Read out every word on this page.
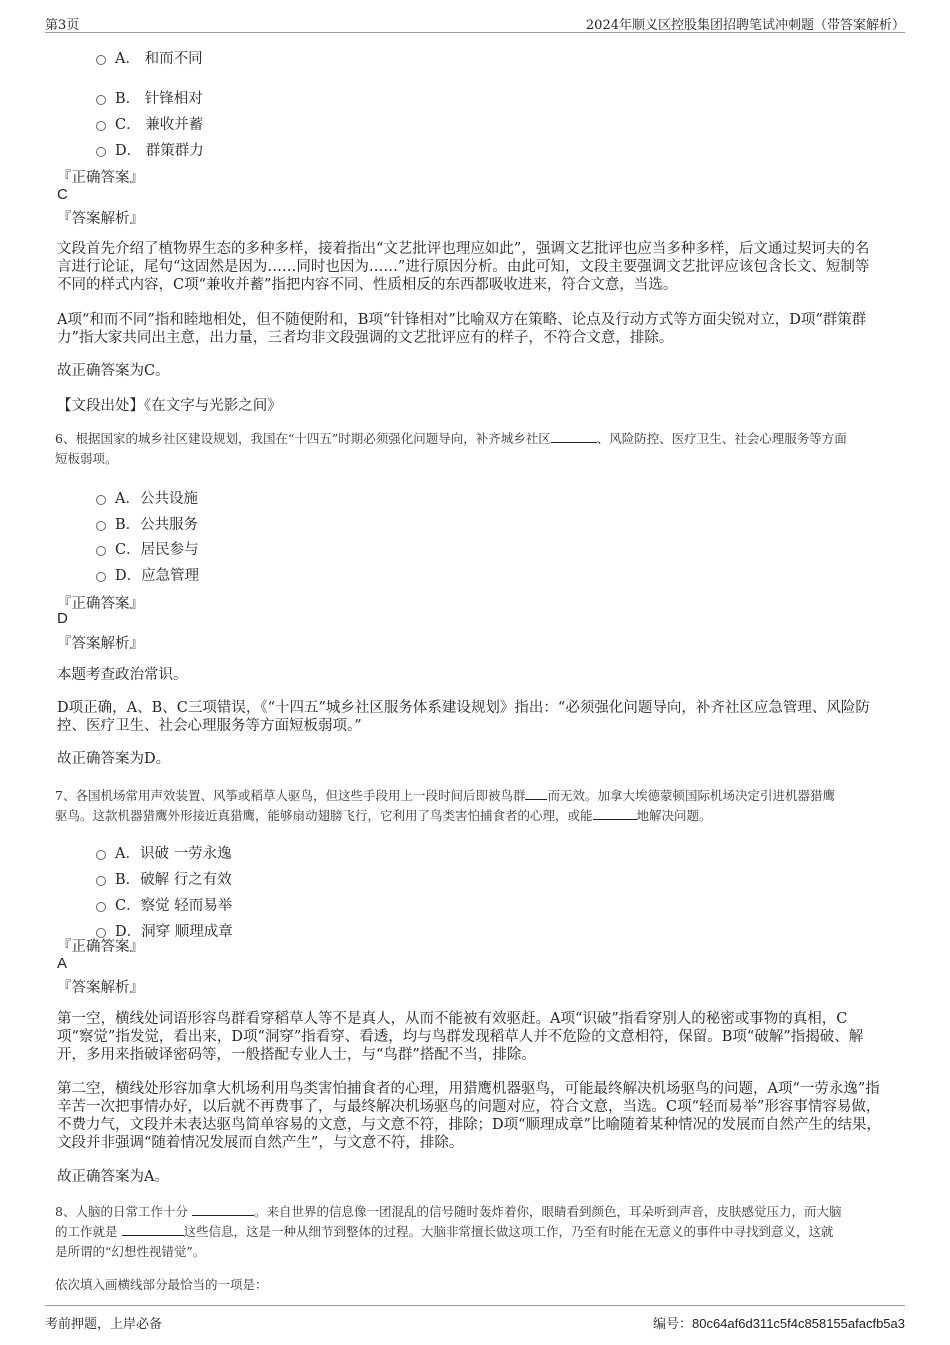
第3页	2024年顺义区控股集团招聘笔试冲刺题（带答案解析）
A． 和而不同
B． 针锋相对
C． 兼收并蓄
D． 群策群力
『正确答案』
C
『答案解析』
文段首先介绍了植物界生态的多种多样，接着指出“文艺批评也理应如此”，强调文艺批评也应当多种多样，后文通过契诃夫的名言进行论证，尾句“这固然是因为……同时也因为……”进行原因分析。由此可知，文段主要强调文艺批评应该包含长文、短制等不同的样式内容，C项“兼收并蓄”指把内容不同、性质相反的东西都吸收进来，符合文意，当选。
A项“和而不同”指和睦地相处，但不随便附和，B项“针锋相对”比喻双方在策略、论点及行动方式等方面尖锐对立，D项“群策群力”指大家共同出主意，出力量，三者均非文段强调的文艺批评应有的样子，不符合文意，排除。
故正确答案为C。
【文段出处】《在文字与光影之间》
6、根据国家的城乡社区建设规划，我国在“十四五”时期必须强化问题导向，补齐城乡社区	、风险防控、医疗卫生、社会心理服务等方面
短板弱项。
A．公共设施
B．公共服务
C．居民参与
D．应急管理
『正确答案』
D
『答案解析』
本题考查政治常识。
D项正确，A、B、C三项错误，《“十四五”城乡社区服务体系建设规划》指出：“必须强化问题导向，补齐社区应急管理、风险防控、医疗卫生、社会心理服务等方面短板弱项。”
故正确答案为D。
7、各国机场常用声效装置、风筝或稻草人驱鸟，但这些手段用上一段时间后即被鸟群 而无效。加拿大埃德蒙顿国际机场决定引进机器猎鹰
驱鸟。这款机器猎鹰外形接近真猎鹰，能够扇动翅膀飞行，它利用了鸟类害怕捕食者的心理，或能	地解决问题。
A．识破 一劳永逸
B．破解 行之有效
C．察觉 轻而易举
D．洞穿 顺理成章
『正确答案』
A
『答案解析』
第一空，横线处词语形容鸟群看穿稻草人等不是真人，从而不能被有效驱赶。A项“识破”指看穿别人的秘密或事物的真相，C项“察觉”指发觉，看出来，D项“洞穿”指看穿、看透，均与鸟群发现稻草人并不危险的文意相符，保留。B项“破解”指揭破、解开，多用来指破译密码等，一般搭配专业人士，与“鸟群”搭配不当，排除。
第二空，横线处形容加拿大机场利用鸟类害怕捕食者的心理，用猎鹰机器驱鸟，可能最终解决机场驱鸟的问题，A项“一劳永逸”指辛苦一次把事情办好，以后就不再费事了，与最终解决机场驱鸟的问题对应，符合文意，当选。C项“轻而易举”形容事情容易做，不费力气，文段并未表达驱鸟简单容易的文意，与文意不符，排除；D项“顺理成章”比喻随着某种情况的发展而自然产生的结果，文段并非强调“随着情况发展而自然产生”，与文意不符，排除。
故正确答案为A。
8、人脑的日常工作十分	。来自世界的信息像一团混乱的信号随时轰炸着你，眼睛看到颜色，耳朵听到声音，皮肤感觉压力，而大脑
的工作就是	这些信息，这是一种从细节到整体的过程。大脑非常擅长做这项工作，乃至有时能在无意义的事件中寻找到意义，这就
是所谓的“幻想性视错觉”。
依次填入画横线部分最恰当的一项是：
考前押题，上岸必备	编号：80c64af6d311c5f4c858155afacfb5a3
